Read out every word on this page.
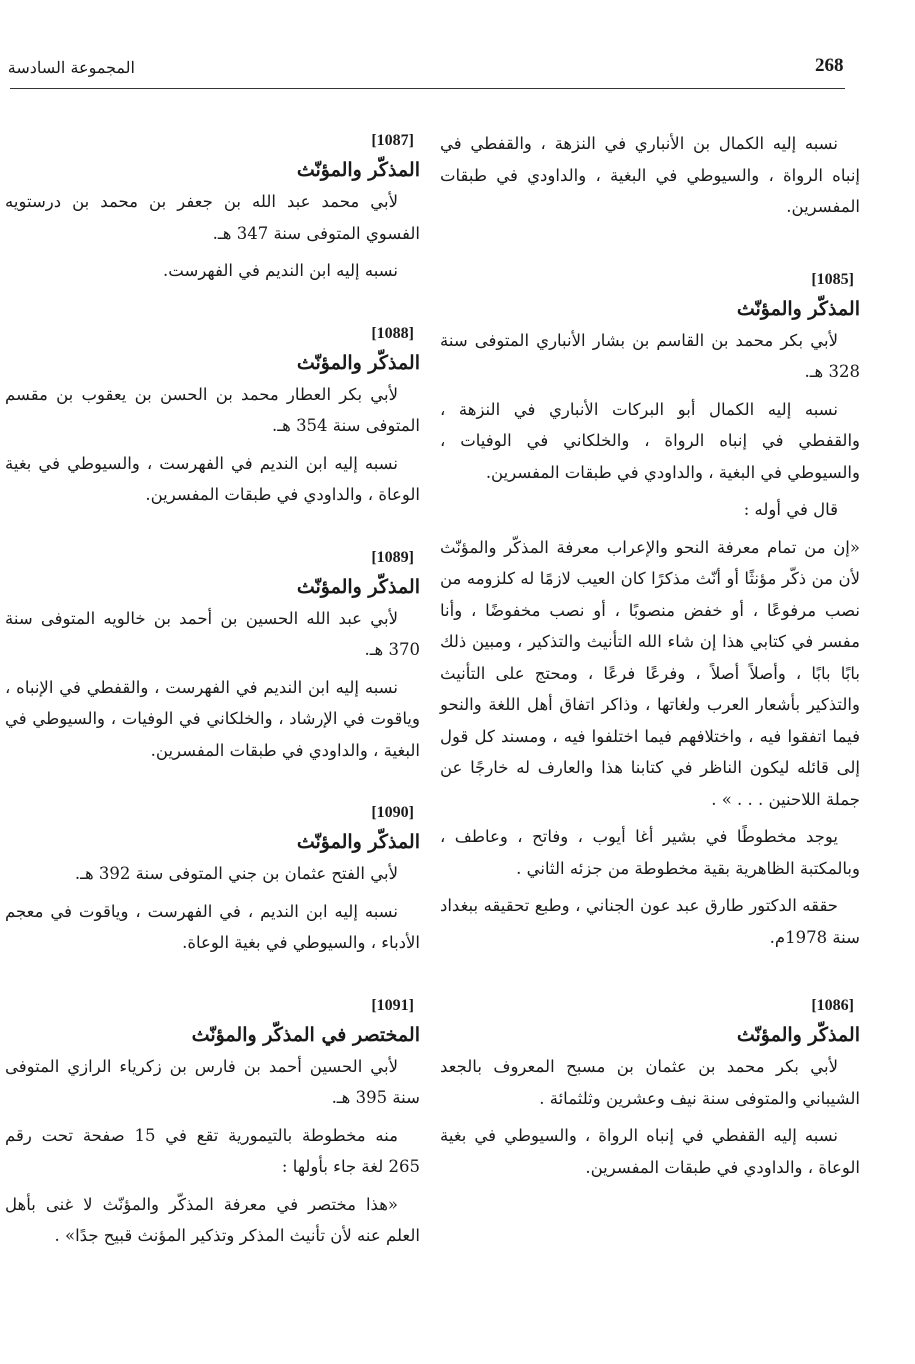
268
المجموعة السادسة

نسبه إليه الكمال بن الأنباري في النزهة ، والقفطي في إنباه الرواة ، والسيوطي في البغية ، والداودي في طبقات المفسرين.

[1085]
المذكّر والمؤنّث

لأبي بكر محمد بن القاسم بن بشار الأنباري المتوفى سنة 328 هـ.

نسبه إليه الكمال أبو البركات الأنباري في النزهة ، والقفطي في إنباه الرواة ، والخلكاني في الوفيات ، والسيوطي في البغية ، والداودي في طبقات المفسرين.

قال في أوله :

«إن من تمام معرفة النحو والإعراب معرفة المذكّر والمؤنّث لأن من ذكّر مؤنثًا أو أنّث مذكرًا كان العيب لازمًا له كلزومه من نصب مرفوعًا ، أو خفض منصوبًا ، أو نصب مخفوضًا ، وأنا مفسر في كتابي هذا إن شاء الله التأنيث والتذكير ، ومبين ذلك بابًا بابًا ، وأصلاً أصلاً ، وفرعًا فرعًا ، ومحتج على التأنيث والتذكير بأشعار العرب ولغاتها ، وذاكر اتفاق أهل اللغة والنحو فيما اتفقوا فيه ، واختلافهم فيما اختلفوا فيه ، ومسند كل قول إلى قائله ليكون الناظر في كتابنا هذا والعارف له خارجًا عن جملة اللاحنين . . . » .

يوجد مخطوطًا في بشير أغا أيوب ، وفاتح ، وعاطف ، وبالمكتبة الظاهرية بقية مخطوطة من جزئه الثاني .

حققه الدكتور طارق عبد عون الجناني ، وطبع تحقيقه ببغداد سنة 1978م.

[1086]
المذكّر والمؤنّث

لأبي بكر محمد بن عثمان بن مسبح المعروف بالجعد الشيباني والمتوفى سنة نيف وعشرين وثلثمائة .

نسبه إليه القفطي في إنباه الرواة ، والسيوطي في بغية الوعاة ، والداودي في طبقات المفسرين.

[1087]
المذكّر والمؤنّث

لأبي محمد عبد الله بن جعفر بن محمد بن درستويه الفسوي المتوفى سنة 347 هـ.

نسبه إليه ابن النديم في الفهرست.

[1088]
المذكّر والمؤنّث

لأبي بكر العطار محمد بن الحسن بن يعقوب بن مقسم المتوفى سنة 354 هـ.

نسبه إليه ابن النديم في الفهرست ، والسيوطي في بغية الوعاة ، والداودي في طبقات المفسرين.

[1089]
المذكّر والمؤنّث

لأبي عبد الله الحسين بن أحمد بن خالويه المتوفى سنة 370 هـ.

نسبه إليه ابن النديم في الفهرست ، والقفطي في الإنباه ، وياقوت في الإرشاد ، والخلكاني في الوفيات ، والسيوطي في البغية ، والداودي في طبقات المفسرين.

[1090]
المذكّر والمؤنّث

لأبي الفتح عثمان بن جني المتوفى سنة 392 هـ.

نسبه إليه ابن النديم ، في الفهرست ، وياقوت في معجم الأدباء ، والسيوطي في بغية الوعاة.

[1091]
المختصر في المذكّر والمؤنّث

لأبي الحسين أحمد بن فارس بن زكرياء الرازي المتوفى سنة 395 هـ.

منه مخطوطة بالتيمورية تقع في 15 صفحة تحت رقم 265 لغة جاء بأولها :

«هذا مختصر في معرفة المذكّر والمؤنّث لا غنى بأهل العلم عنه لأن تأنيث المذكر وتذكير المؤنث قبيح جدًا» .
